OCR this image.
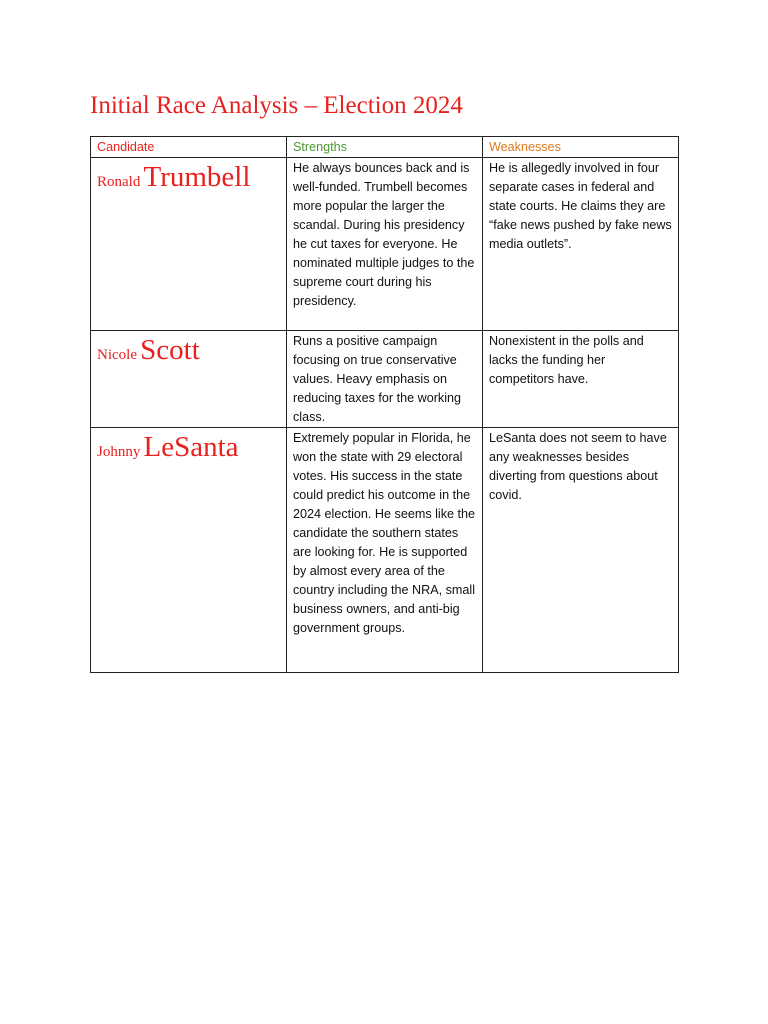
Initial Race Analysis – Election 2024
Candidate	Strengths	Weaknesses
Ronald Trumbell	He always bounces back and is well-funded. Trumbell becomes more popular the larger the scandal. During his presidency he cut taxes for everyone. He nominated multiple judges to the supreme court during his presidency.	He is allegedly involved in four separate cases in federal and state courts. He claims they are “fake news pushed by fake news media outlets”.
Nicole Scott	Runs a positive campaign focusing on true conservative values. Heavy emphasis on reducing taxes for the working class.	Nonexistent in the polls and lacks the funding her competitors have.
Johnny LeSanta	Extremely popular in Florida, he won the state with 29 electoral votes. His success in the state could predict his outcome in the 2024 election. He seems like the candidate the southern states are looking for. He is supported by almost every area of the country including the NRA, small business owners, and anti-big government groups.	LeSanta does not seem to have any weaknesses besides diverting from questions about covid.
